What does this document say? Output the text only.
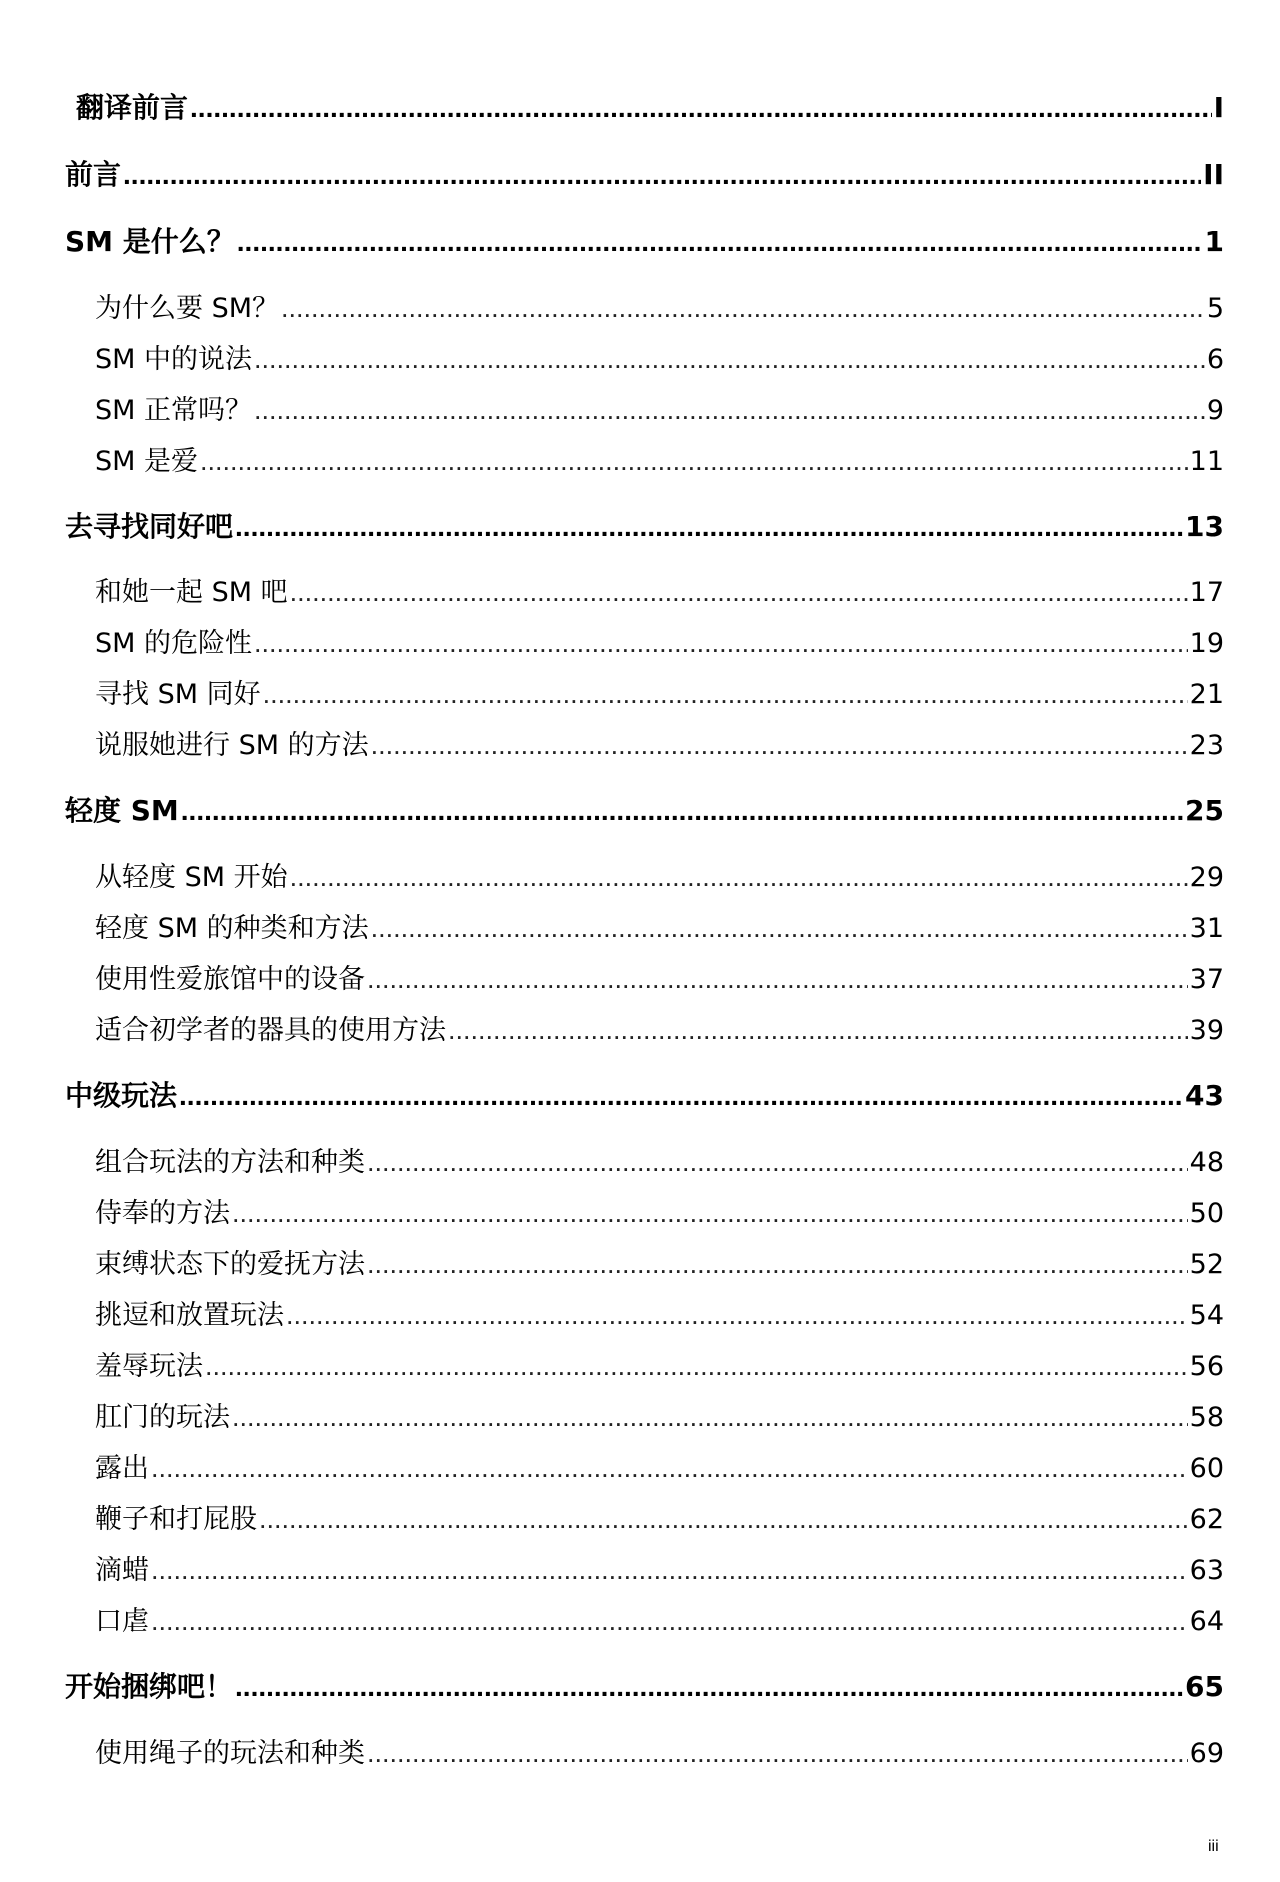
翻译前言 .....	I
前言 .....	II
SM 是什么？ .....	1
为什么要 SM？ .....	5
SM 中的说法 .....	6
SM 正常吗？ .....	9
SM 是爱 .....	11
去寻找同好吧 .....	13
和她一起 SM 吧 .....	17
SM 的危险性 .....	19
寻找 SM 同好 .....	21
说服她进行 SM 的方法 .....	23
轻度 SM .....	25
从轻度 SM 开始 .....	29
轻度 SM 的种类和方法 .....	31
使用性爱旅馆中的设备 .....	37
适合初学者的器具的使用方法 .....	39
中级玩法 .....	43
组合玩法的方法和种类 .....	48
侍奉的方法 .....	50
束缚状态下的爱抚方法 .....	52
挑逗和放置玩法 .....	54
羞辱玩法 .....	56
肛门的玩法 .....	58
露出 .....	60
鞭子和打屁股 .....	62
滴蜡 .....	63
口虐 .....	64
开始捆绑吧！ .....	65
使用绳子的玩法和种类 .....	69
iii
